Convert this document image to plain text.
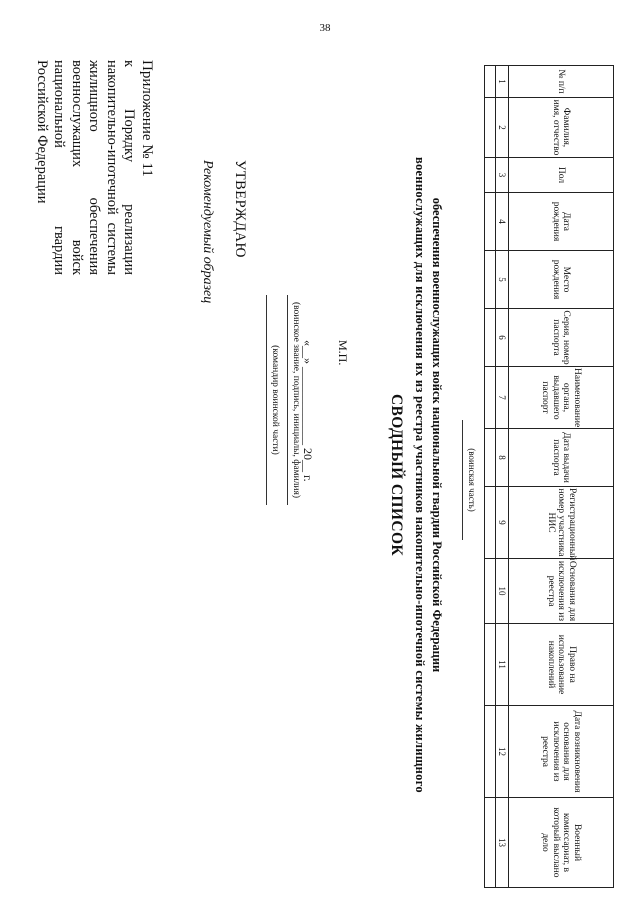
38
Приложение № 11
к Порядку реализации накопительно-ипотечной системы жилищного обеспечения военнослужащих войск национальной гвардии Российской Федерации
Рекомендуемый образец УТВЕРЖДАЮ
(командир воинской части) (воинское звание, подпись, инициалы, фамилия) «__» _____________ 20__ г. М.П.
СВОДНЫЙ СПИСОК военнослужащих для исключения их из реестра участников накопительно-ипотечной системы жилищного обеспечения военнослужащих войск национальной гвардии Российской Федерации	(воинская часть)
№ п/п	Фамилия, имя, отчество	Пол	Дата рождения	Место рождения	Серия, номер паспорта	Наименование органа, выдавшего паспорт	Дата выдачи паспорта	Регистрационный номер участника НИС	Основания для исключения из реестра	Право на использование накоплений	Дата возникновения основания для исключения из реестра	Военный комиссариат, в который выслано дело
1	2	3	4	5	6	7	8	9	10	11	12	13
